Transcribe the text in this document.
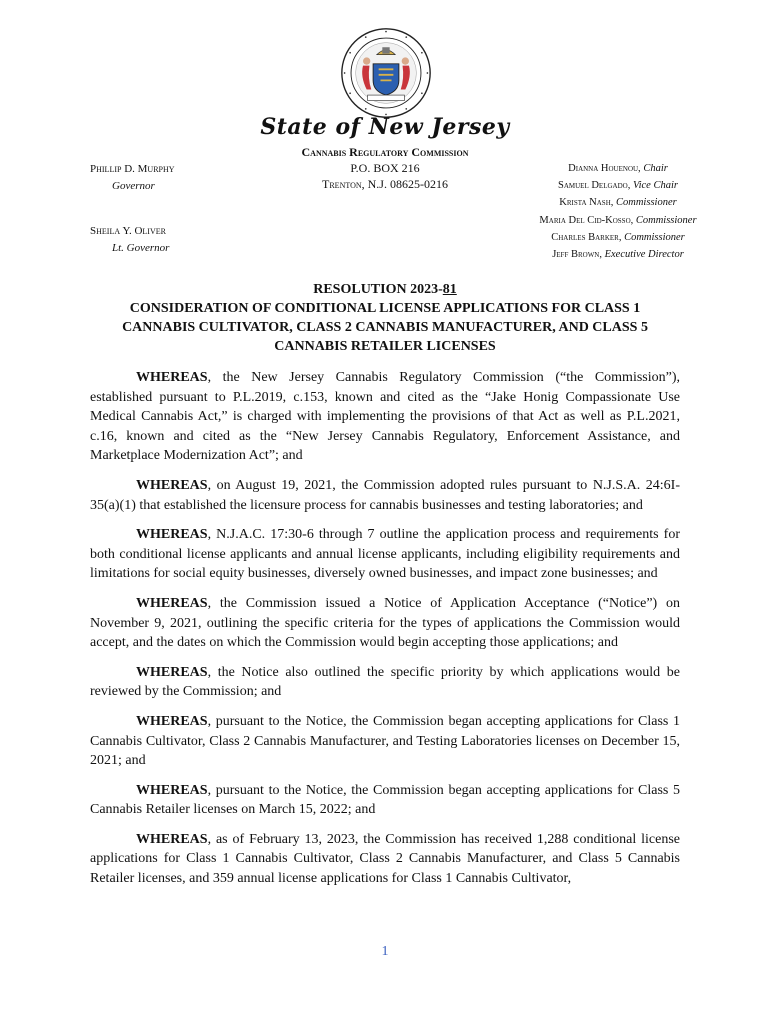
State of New Jersey
Phillip D. Murphy
Governor
Sheila Y. Oliver
Lt. Governor
Cannabis Regulatory Commission
P.O. BOX 216
Trenton, N.J. 08625-0216
Dianna Houenou, Chair
Samuel Delgado, Vice Chair
Krista Nash, Commissioner
Maria Del Cid-Kosso, Commissioner
Charles Barker, Commissioner
Jeff Brown, Executive Director
RESOLUTION 2023-81
CONSIDERATION OF CONDITIONAL LICENSE APPLICATIONS FOR CLASS 1
CANNABIS CULTIVATOR, CLASS 2 CANNABIS MANUFACTURER, AND CLASS 5
CANNABIS RETAILER LICENSES

WHEREAS, the New Jersey Cannabis Regulatory Commission (“the Commission”), established pursuant to P.L.2019, c.153, known and cited as the “Jake Honig Compassionate Use Medical Cannabis Act,” is charged with implementing the provisions of that Act as well as P.L.2021, c.16, known and cited as the “New Jersey Cannabis Regulatory, Enforcement Assistance, and Marketplace Modernization Act”; and

WHEREAS, on August 19, 2021, the Commission adopted rules pursuant to N.J.S.A. 24:6I-35(a)(1) that established the licensure process for cannabis businesses and testing laboratories; and

WHEREAS, N.J.A.C. 17:30-6 through 7 outline the application process and requirements for both conditional license applicants and annual license applicants, including eligibility requirements and limitations for social equity businesses, diversely owned businesses, and impact zone businesses; and

WHEREAS, the Commission issued a Notice of Application Acceptance (“Notice”) on November 9, 2021, outlining the specific criteria for the types of applications the Commission would accept, and the dates on which the Commission would begin accepting those applications; and

WHEREAS, the Notice also outlined the specific priority by which applications would be reviewed by the Commission; and

WHEREAS, pursuant to the Notice, the Commission began accepting applications for Class 1 Cannabis Cultivator, Class 2 Cannabis Manufacturer, and Testing Laboratories licenses on December 15, 2021; and

WHEREAS, pursuant to the Notice, the Commission began accepting applications for Class 5 Cannabis Retailer licenses on March 15, 2022; and

WHEREAS, as of February 13, 2023, the Commission has received 1,288 conditional license applications for Class 1 Cannabis Cultivator, Class 2 Cannabis Manufacturer, and Class 5 Cannabis Retailer licenses, and 359 annual license applications for Class 1 Cannabis Cultivator,

1
